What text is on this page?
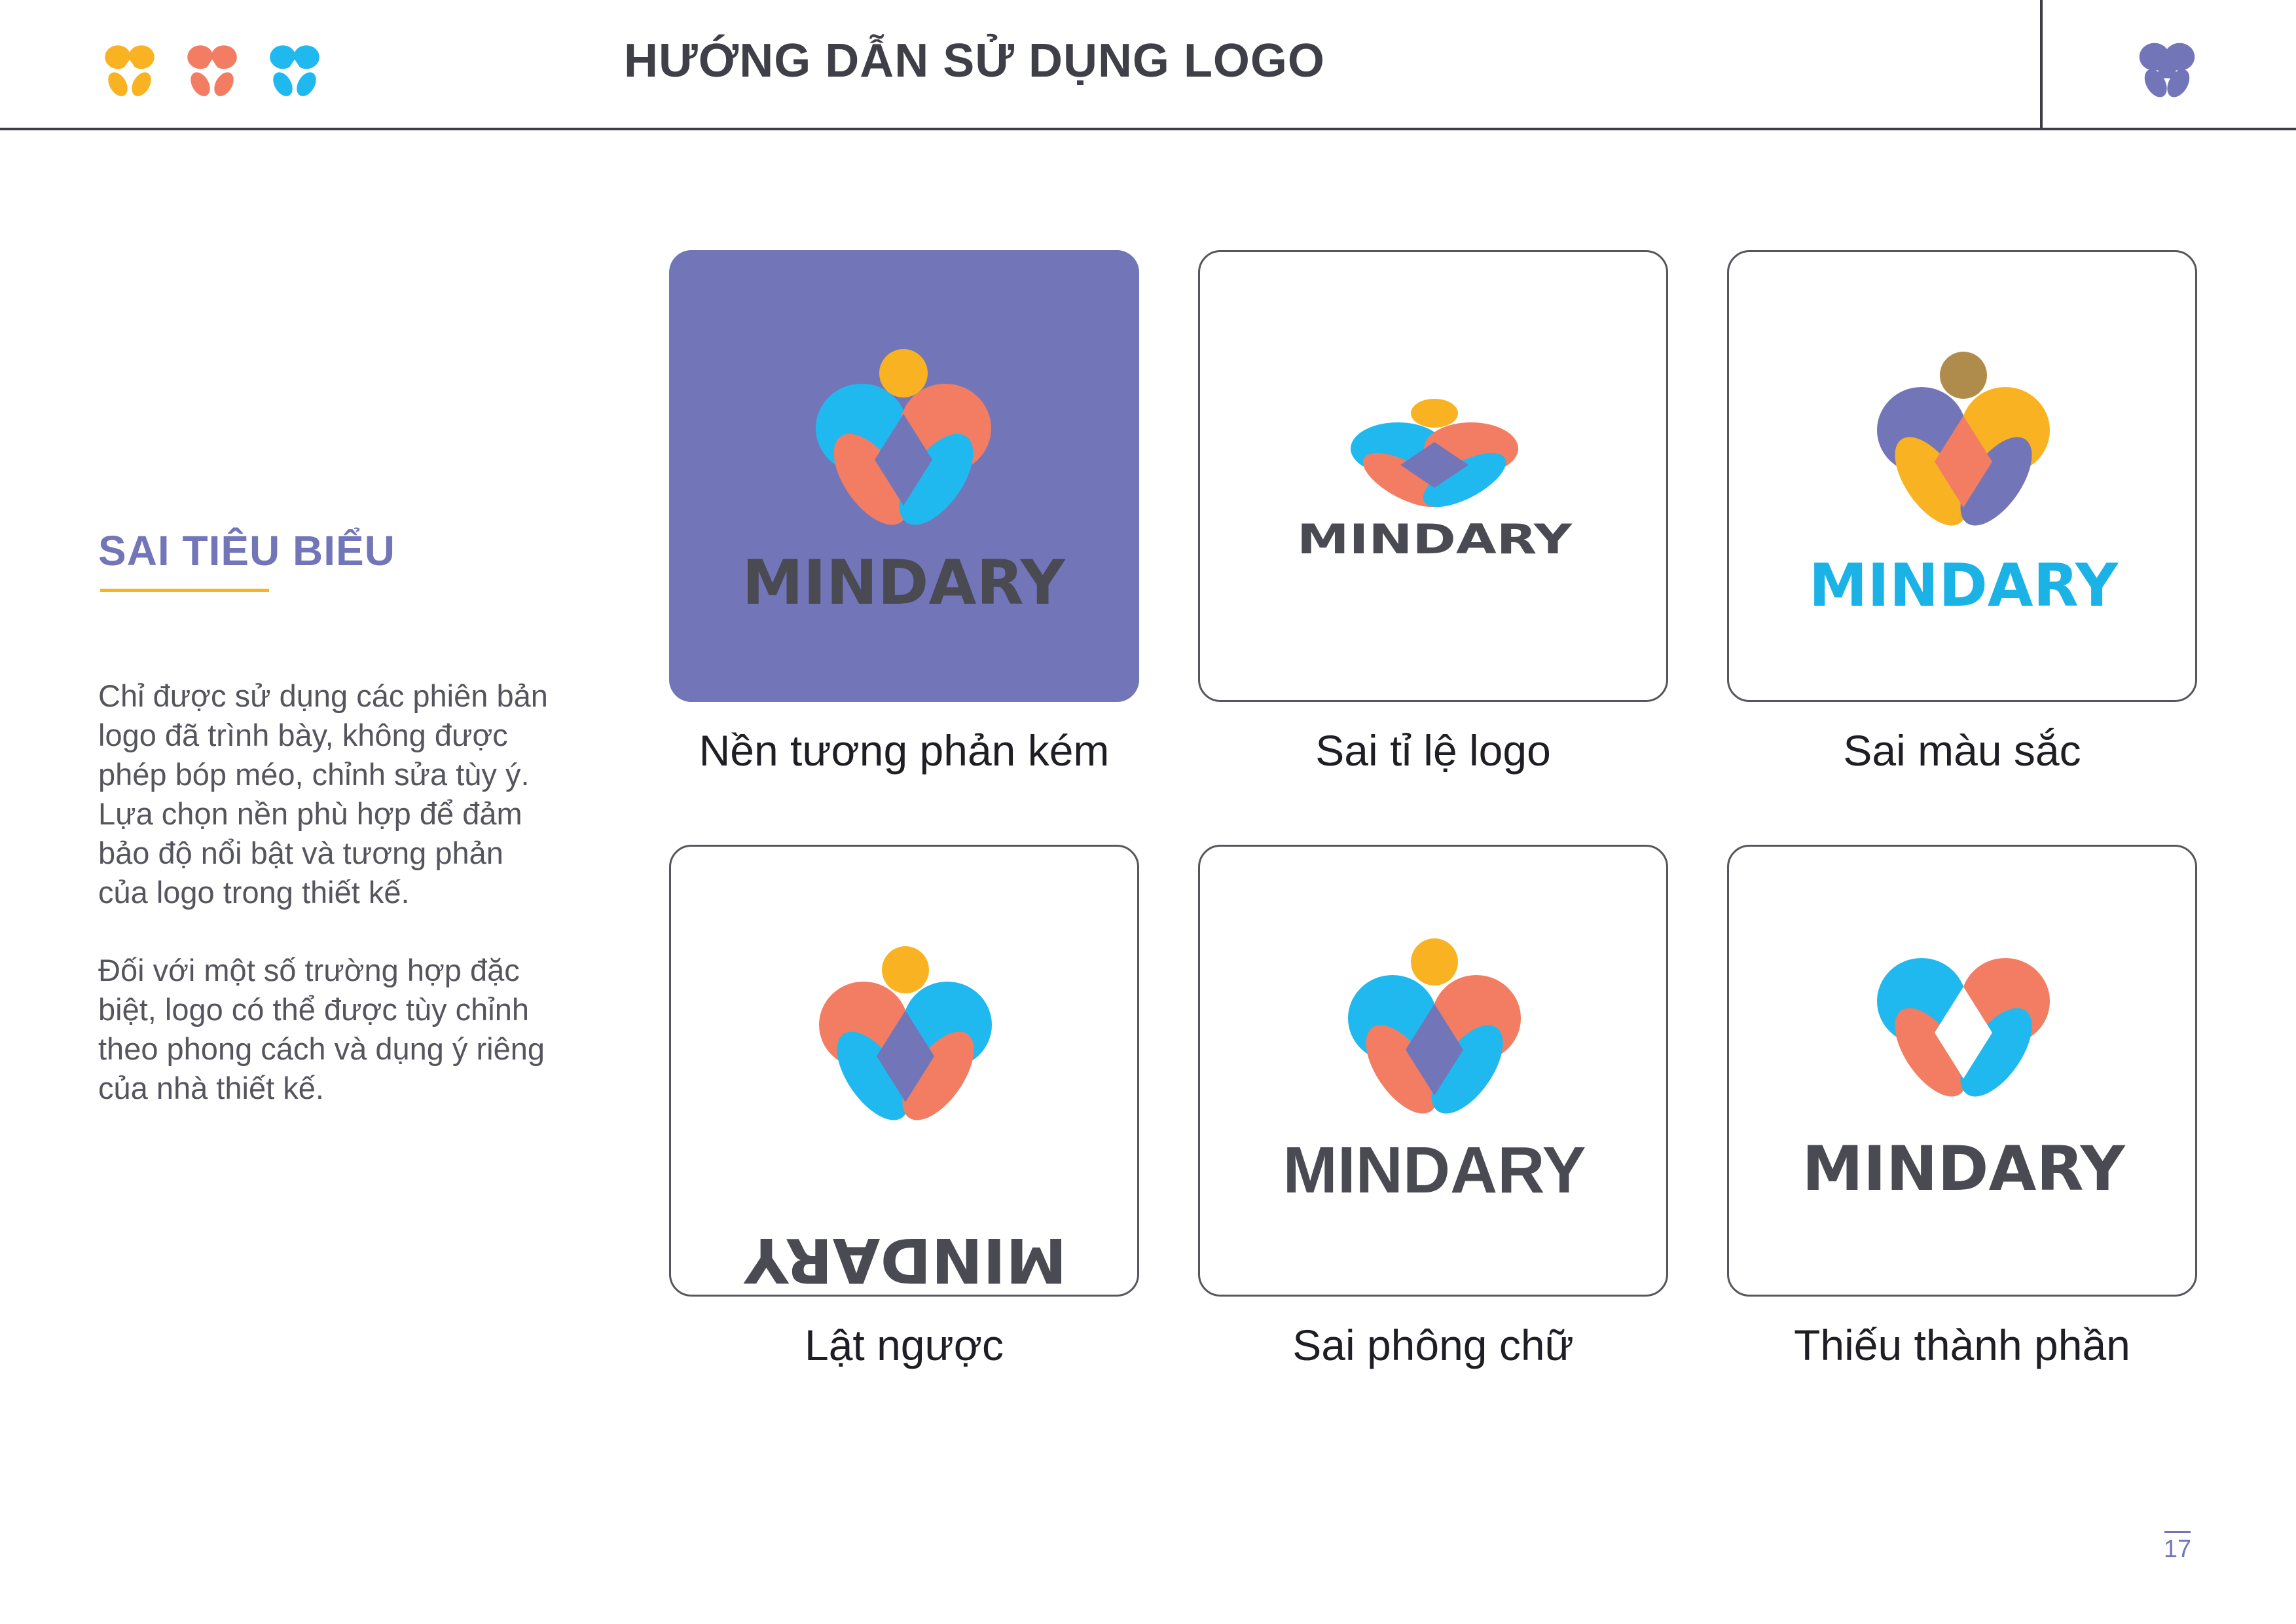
HƯỚNG DẪN SỬ DỤNG LOGO
SAI TIÊU BIỂU
Chỉ được sử dụng các phiên bản
logo đã trình bày, không được
phép bóp méo, chỉnh sửa tùy ý.
Lựa chọn nền phù hợp để đảm
bảo độ nổi bật và tương phản
của logo trong thiết kế.
Đối với một số trường hợp đặc
biệt, logo có thể được tùy chỉnh
theo phong cách và dụng ý riêng
của nhà thiết kế.
MINDARY
Nền tương phản kém
MINDARY
Sai tỉ lệ logo
MINDARY
Sai màu sắc
MINDARY
Lật ngược
MINDARY
Sai phông chữ
MINDARY
Thiếu thành phần
17
